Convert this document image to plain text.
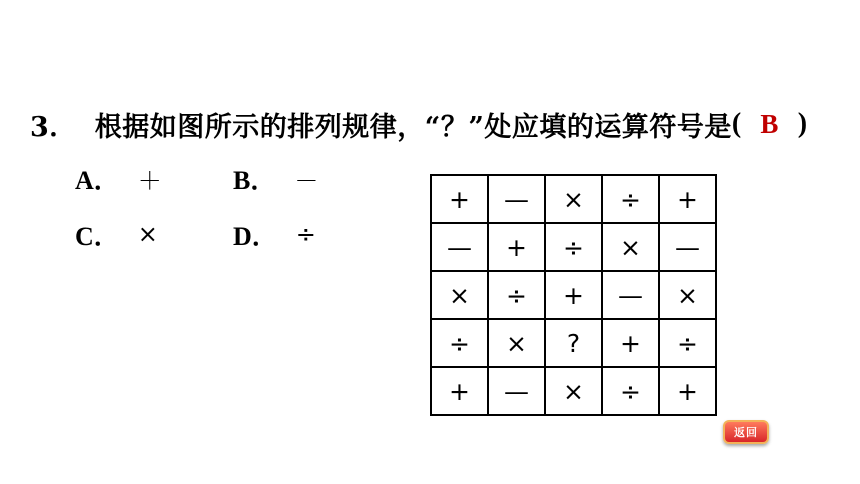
3． 根据如图所示的排列规律，“？”处应填的运算符号是 ( B )
A． ＋	B． －
C． ×	D． ÷
+	—	×	÷	+
—	+	÷	×	—
×	÷	+	—	×
÷	×	?	+	÷
+	—	×	÷	+
返回
